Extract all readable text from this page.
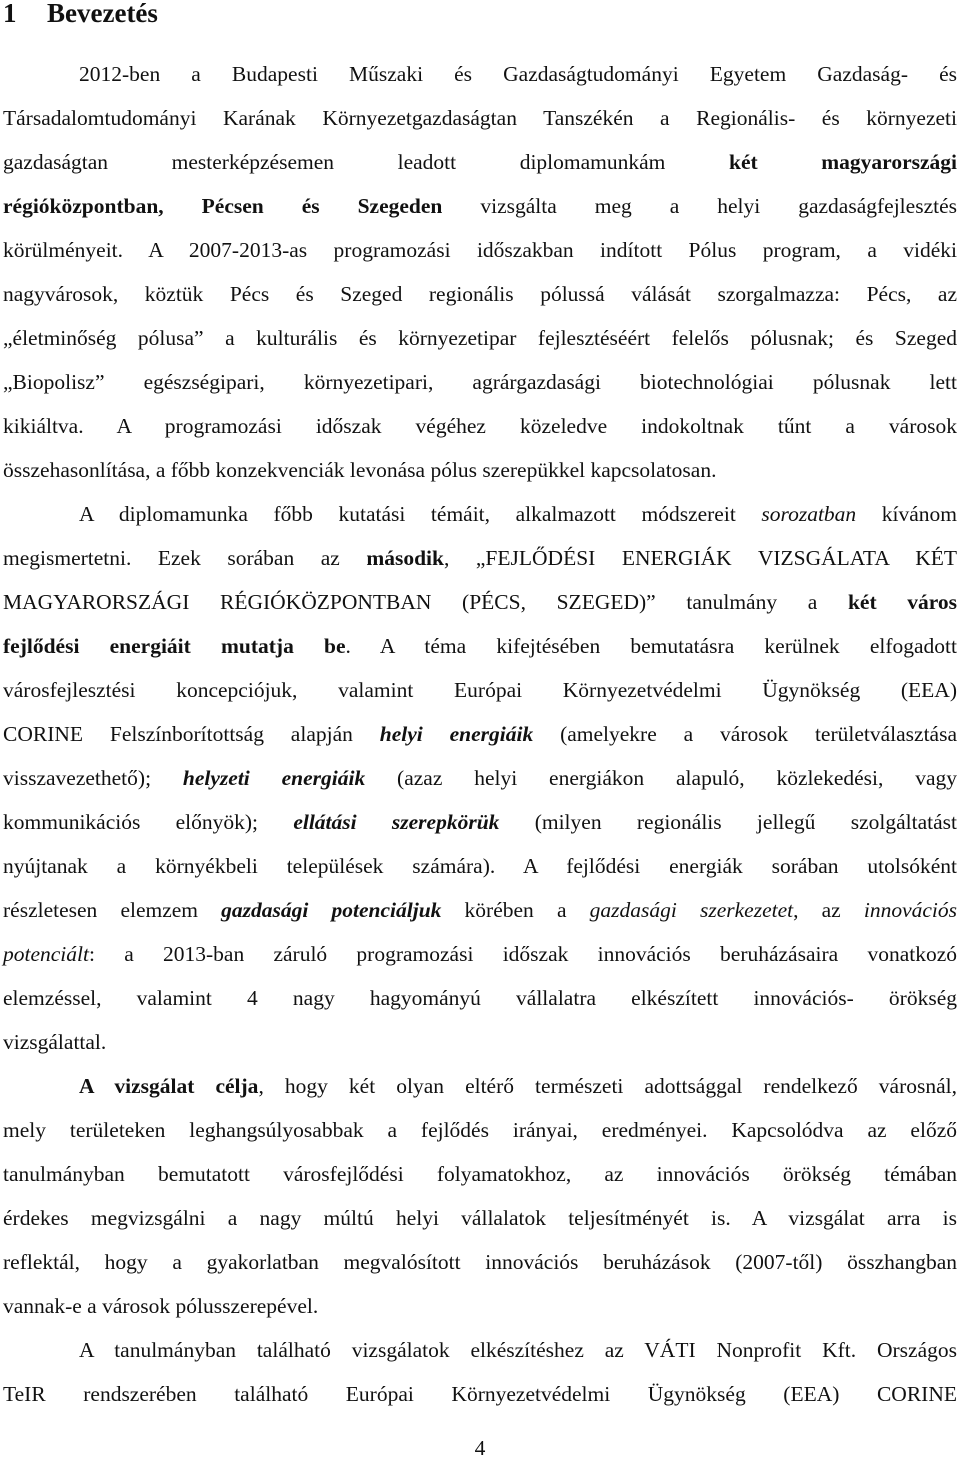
1 Bevezetés
2012-ben a Budapesti Műszaki és Gazdaságtudományi Egyetem Gazdaság- és
Társadalomtudományi Karának Környezetgazdaságtan Tanszékén a Regionális- és környezeti
gazdaságtan mesterképzésemen leadott diplomamunkám két magyarországi
régióközpontban, Pécsen és Szegeden vizsgálta meg a helyi gazdaságfejlesztés
körülményeit. A 2007-2013-as programozási időszakban indított Pólus program, a vidéki
nagyvárosok, köztük Pécs és Szeged regionális pólussá válását szorgalmazza: Pécs, az
„életminőség pólusa” a kulturális és környezetipar fejlesztéséért felelős pólusnak; és Szeged
„Biopolisz” egészségipari, környezetipari, agrárgazdasági biotechnológiai pólusnak lett
kikiáltva. A programozási időszak végéhez közeledve indokoltnak tűnt a városok
összehasonlítása, a főbb konzekvenciák levonása pólus szerepükkel kapcsolatosan.
A diplomamunka főbb kutatási témáit, alkalmazott módszereit sorozatban kívánom
megismertetni. Ezek sorában az második, „FEJLŐDÉSI ENERGIÁK VIZSGÁLATA KÉT
MAGYARORSZÁGI RÉGIÓKÖZPONTBAN (PÉCS, SZEGED)” tanulmány a két város
fejlődési energiáit mutatja be. A téma kifejtésében bemutatásra kerülnek elfogadott
városfejlesztési koncepciójuk, valamint Európai Környezetvédelmi Ügynökség (EEA)
CORINE Felszínborítottság alapján helyi energiáik (amelyekre a városok területválasztása
visszavezethető); helyzeti energiáik (azaz helyi energiákon alapuló, közlekedési, vagy
kommunikációs előnyök); ellátási szerepkörük (milyen regionális jellegű szolgáltatást
nyújtanak a környékbeli települések számára). A fejlődési energiák sorában utolsóként
részletesen elemzem gazdasági potenciáljuk körében a gazdasági szerkezetet, az innovációs
potenciált: a 2013-ban záruló programozási időszak innovációs beruházásaira vonatkozó
elemzéssel, valamint 4 nagy hagyományú vállalatra elkészített innovációs- örökség
vizsgálattal.
A vizsgálat célja, hogy két olyan eltérő természeti adottsággal rendelkező városnál,
mely területeken leghangsúlyosabbak a fejlődés irányai, eredményei. Kapcsolódva az előző
tanulmányban bemutatott városfejlődési folyamatokhoz, az innovációs örökség témában
érdekes megvizsgálni a nagy múltú helyi vállalatok teljesítményét is. A vizsgálat arra is
reflektál, hogy a gyakorlatban megvalósított innovációs beruházások (2007-től) összhangban
vannak-e a városok pólusszerepével.
A tanulmányban található vizsgálatok elkészítéshez az VÁTI Nonprofit Kft. Országos
TeIR rendszerében található Európai Környezetvédelmi Ügynökség (EEA) CORINE
4
